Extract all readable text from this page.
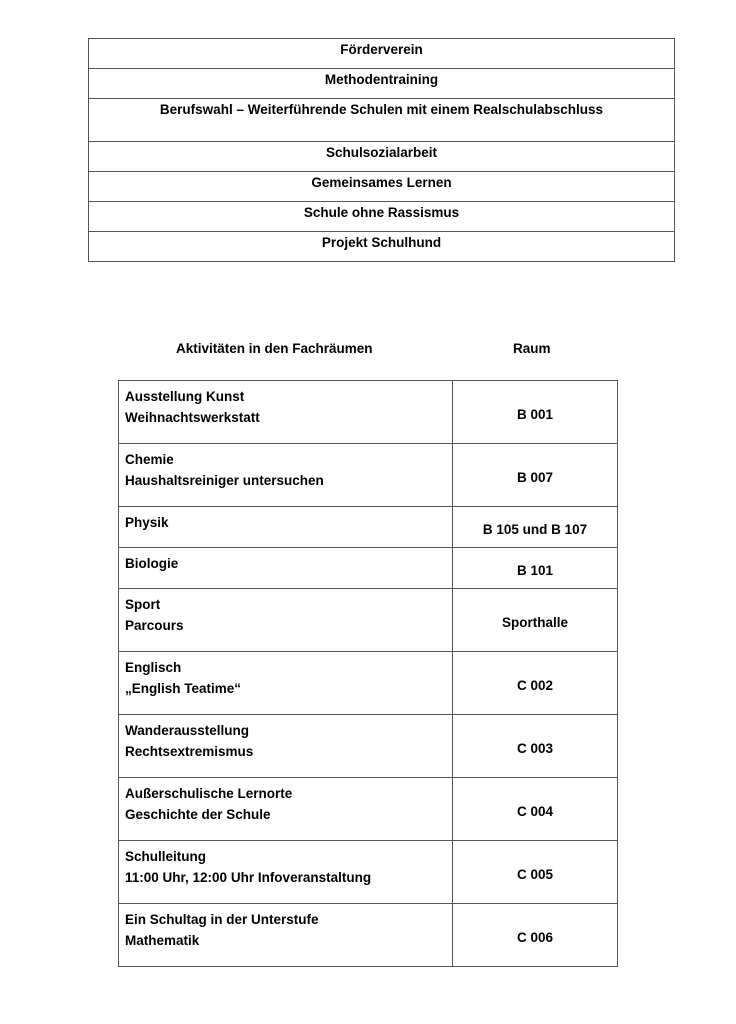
Förderverein
Methodentraining
Berufswahl – Weiterführende Schulen mit einem Realschulabschluss
Schulsozialarbeit
Gemeinsames Lernen
Schule ohne Rassismus
Projekt Schulhund
Aktivitäten in den Fachräumen	Raum
Ausstellung Kunst
Weihnachtswerkstatt	B 001

Chemie
Haushaltsreiniger untersuchen	B 007

Physik	B 105 und B 107

Biologie	B 101

Sport
Parcours	Sporthalle

Englisch
„English Teatime“	C 002

Wanderausstellung
Rechtsextremismus	C 003

Außerschulische Lernorte
Geschichte der Schule	C 004

Schulleitung
11:00 Uhr, 12:00 Uhr Infoveranstaltung	C 005

Ein Schultag in der Unterstufe
Mathematik	C 006
